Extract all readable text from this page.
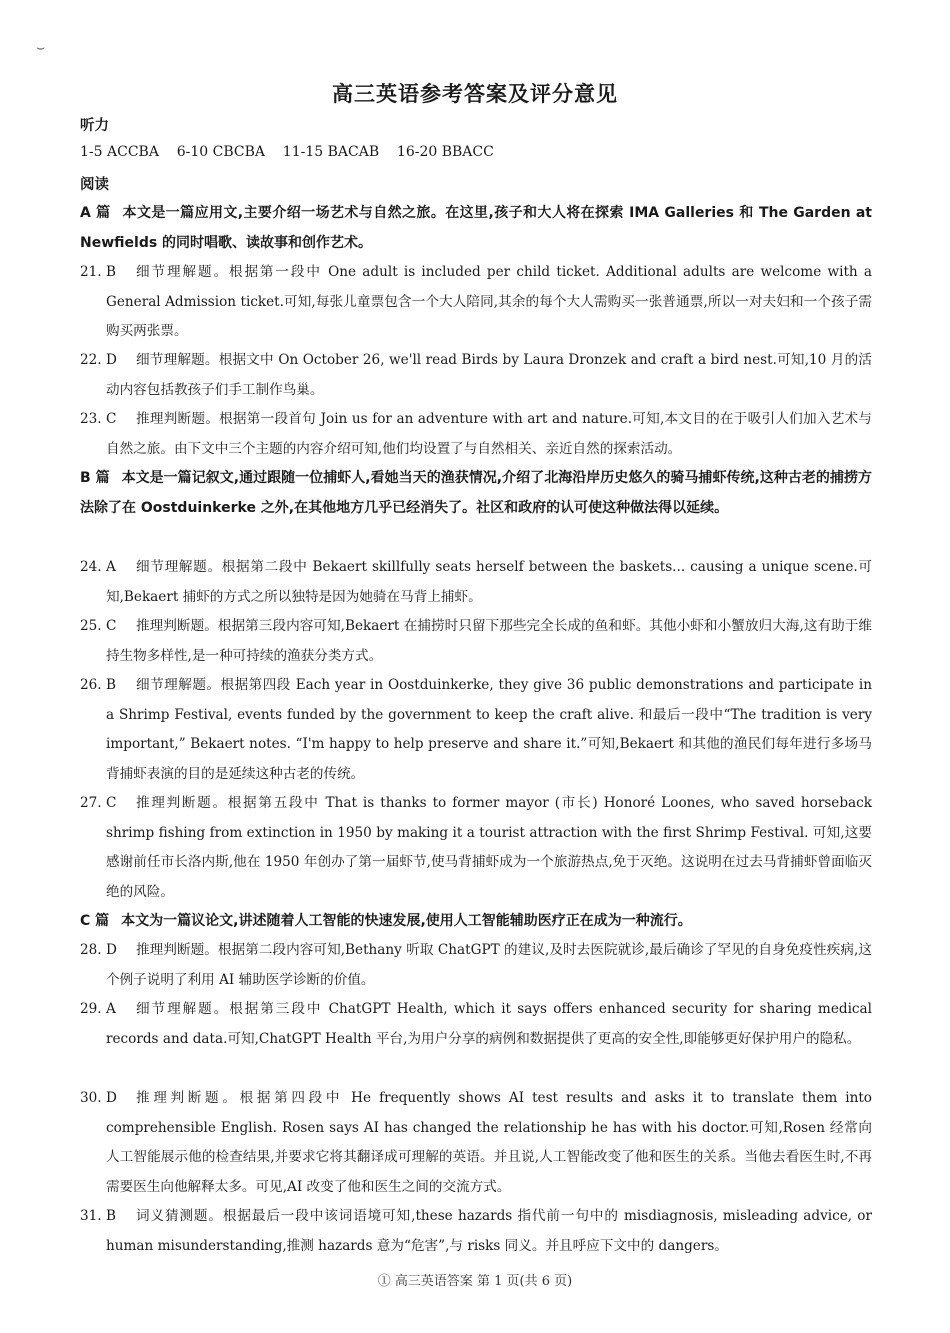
⌣
高三英语参考答案及评分意见
听力
1-5 ACCBA    6-10 CBCBA    11-15 BACAB    16-20 BBACC
阅读
A 篇 本文是一篇应用文,主要介绍一场艺术与自然之旅。在这里,孩子和大人将在探索 IMA Galleries 和 The Garden at Newfields 的同时唱歌、读故事和创作艺术。
21. B	细节理解题。根据第一段中 One adult is included per child ticket. Additional adults are welcome with a General Admission ticket.可知,每张儿童票包含一个大人陪同,其余的每个大人需购买一张普通票,所以一对夫妇和一个孩子需购买两张票。
22. D	细节理解题。根据文中 On October 26, we'll read Birds by Laura Dronzek and craft a bird nest.可知,10 月的活动内容包括教孩子们手工制作鸟巢。
23. C	推理判断题。根据第一段首句 Join us for an adventure with art and nature.可知,本文目的在于吸引人们加入艺术与自然之旅。由下文中三个主题的内容介绍可知,他们均设置了与自然相关、亲近自然的探索活动。
B 篇 本文是一篇记叙文,通过跟随一位捕虾人,看她当天的渔获情况,介绍了北海沿岸历史悠久的骑马捕虾传统,这种古老的捕捞方法除了在 Oostduinkerke 之外,在其他地方几乎已经消失了。社区和政府的认可使这种做法得以延续。
24. A	细节理解题。根据第二段中 Bekaert skillfully seats herself between the baskets... causing a unique scene.可知,Bekaert 捕虾的方式之所以独特是因为她骑在马背上捕虾。
25. C	推理判断题。根据第三段内容可知,Bekaert 在捕捞时只留下那些完全长成的鱼和虾。其他小虾和小蟹放归大海,这有助于维持生物多样性,是一种可持续的渔获分类方式。
26. B	细节理解题。根据第四段 Each year in Oostduinkerke, they give 36 public demonstrations and participate in a Shrimp Festival, events funded by the government to keep the craft alive. 和最后一段中“The tradition is very important,” Bekaert notes. “I'm happy to help preserve and share it.”可知,Bekaert 和其他的渔民们每年进行多场马背捕虾表演的目的是延续这种古老的传统。
27. C	推理判断题。根据第五段中 That is thanks to former mayor (市长) Honoré Loones, who saved horseback shrimp fishing from extinction in 1950 by making it a tourist attraction with the first Shrimp Festival. 可知,这要感谢前任市长洛内斯,他在 1950 年创办了第一届虾节,使马背捕虾成为一个旅游热点,免于灭绝。这说明在过去马背捕虾曾面临灭绝的风险。
C 篇 本文为一篇议论文,讲述随着人工智能的快速发展,使用人工智能辅助医疗正在成为一种流行。
28. D	推理判断题。根据第二段内容可知,Bethany 听取 ChatGPT 的建议,及时去医院就诊,最后确诊了罕见的自身免疫性疾病,这个例子说明了利用 AI 辅助医学诊断的价值。
29. A	细节理解题。根据第三段中 ChatGPT Health, which it says offers enhanced security for sharing medical records and data.可知,ChatGPT Health 平台,为用户分享的病例和数据提供了更高的安全性,即能够更好保护用户的隐私。
30. D	推理判断题。根据第四段中 He frequently shows AI test results and asks it to translate them into comprehensible English. Rosen says AI has changed the relationship he has with his doctor.可知,Rosen 经常向人工智能展示他的检查结果,并要求它将其翻译成可理解的英语。并且说,人工智能改变了他和医生的关系。当他去看医生时,不再需要医生向他解释太多。可见,AI 改变了他和医生之间的交流方式。
31. B	词义猜测题。根据最后一段中该词语境可知,these hazards 指代前一句中的 misdiagnosis, misleading advice, or human misunderstanding,推测 hazards 意为“危害”,与 risks 同义。并且呼应下文中的 dangers。
① 高三英语答案 第 1 页(共 6 页)
